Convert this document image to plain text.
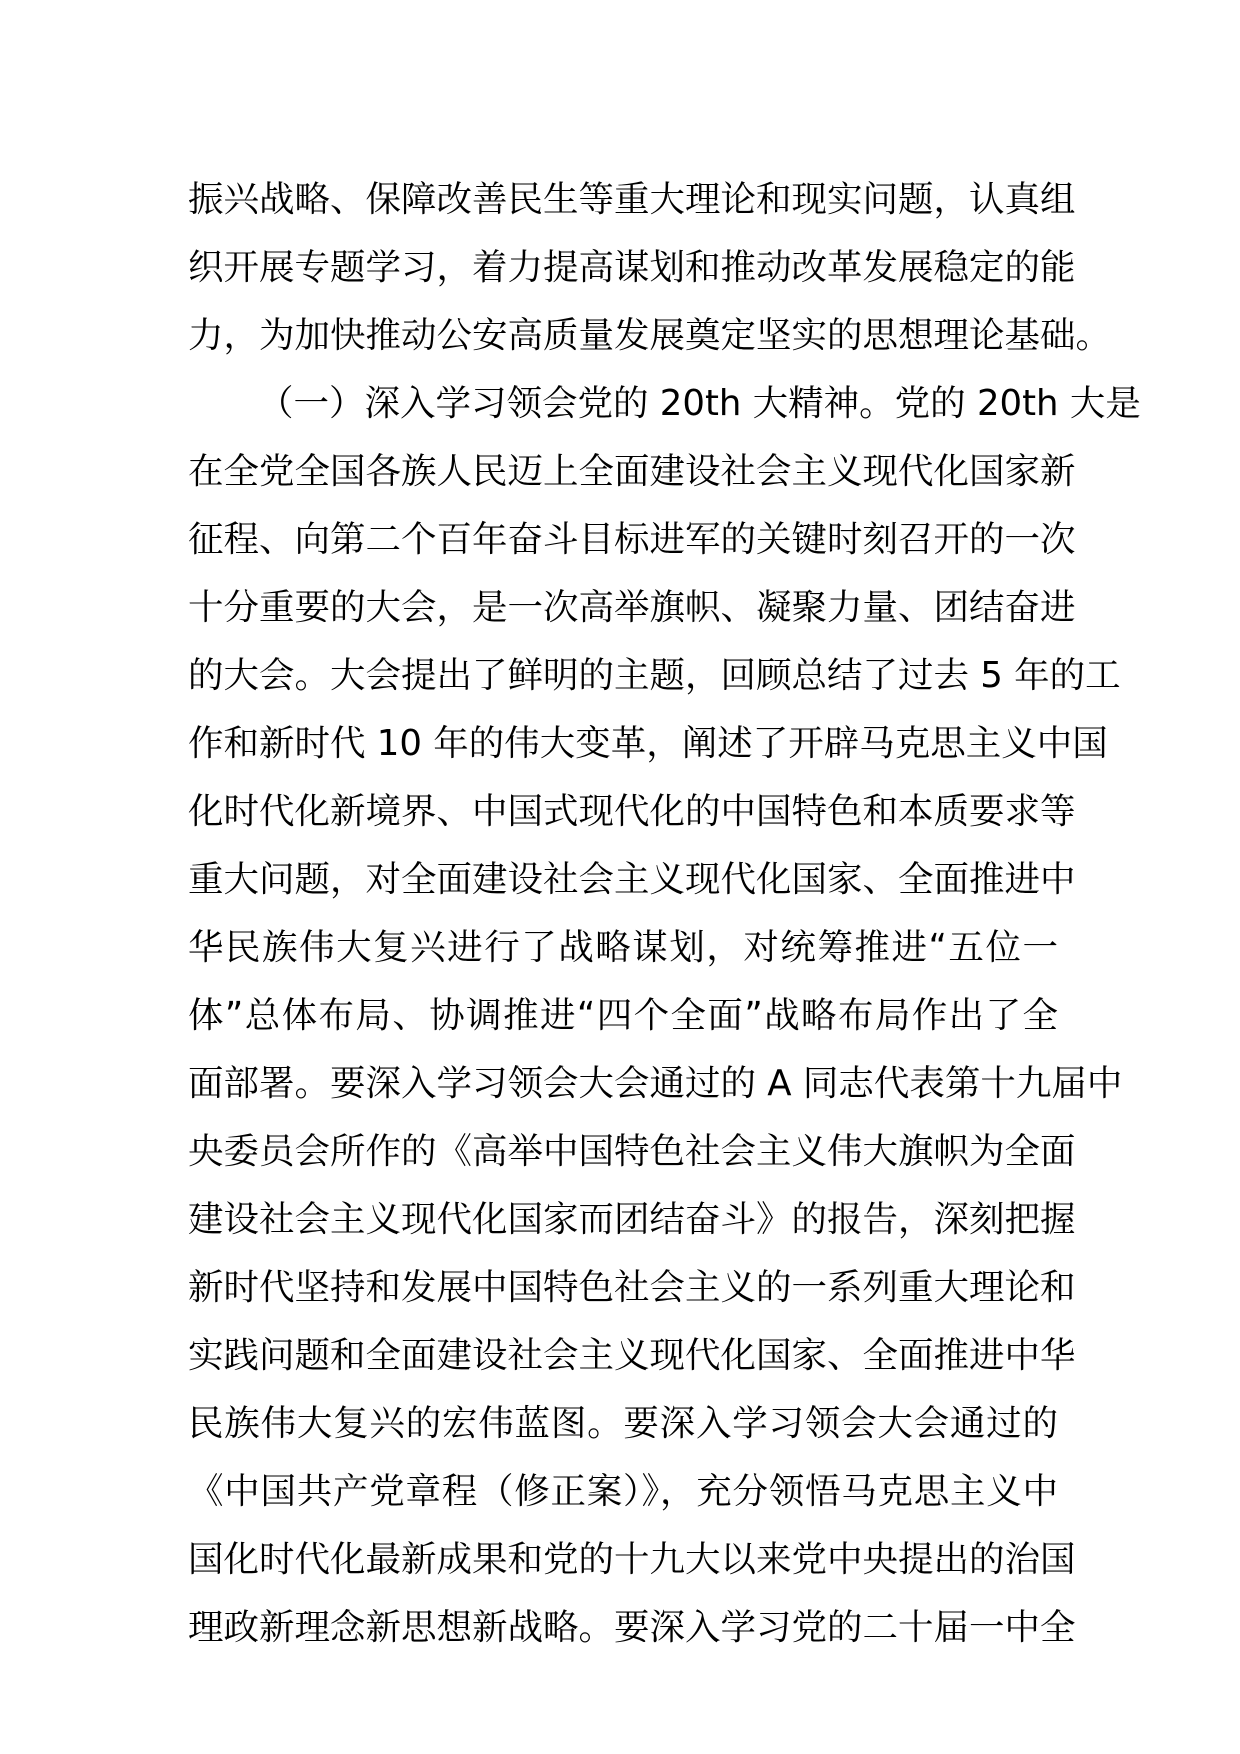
振兴战略、保障改善民生等重大理论和现实问题，认真组
织开展专题学习，着力提高谋划和推动改革发展稳定的能
力，为加快推动公安高质量发展奠定坚实的思想理论基础。
（一）深入学习领会党的 20th 大精神。党的 20th 大是
在全党全国各族人民迈上全面建设社会主义现代化国家新
征程、向第二个百年奋斗目标进军的关键时刻召开的一次
十分重要的大会，是一次高举旗帜、凝聚力量、团结奋进
的大会。大会提出了鲜明的主题，回顾总结了过去 5 年的工
作和新时代 10 年的伟大变革，阐述了开辟马克思主义中国
化时代化新境界、中国式现代化的中国特色和本质要求等
重大问题，对全面建设社会主义现代化国家、全面推进中
华民族伟大复兴进行了战略谋划，对统筹推进“五位一
体”总体布局、协调推进“四个全面”战略布局作出了全
面部署。要深入学习领会大会通过的 A 同志代表第十九届中
央委员会所作的《高举中国特色社会主义伟大旗帜为全面
建设社会主义现代化国家而团结奋斗》的报告，深刻把握
新时代坚持和发展中国特色社会主义的一系列重大理论和
实践问题和全面建设社会主义现代化国家、全面推进中华
民族伟大复兴的宏伟蓝图。要深入学习领会大会通过的
《中国共产党章程（修正案）》，充分领悟马克思主义中
国化时代化最新成果和党的十九大以来党中央提出的治国
理政新理念新思想新战略。要深入学习党的二十届一中全
